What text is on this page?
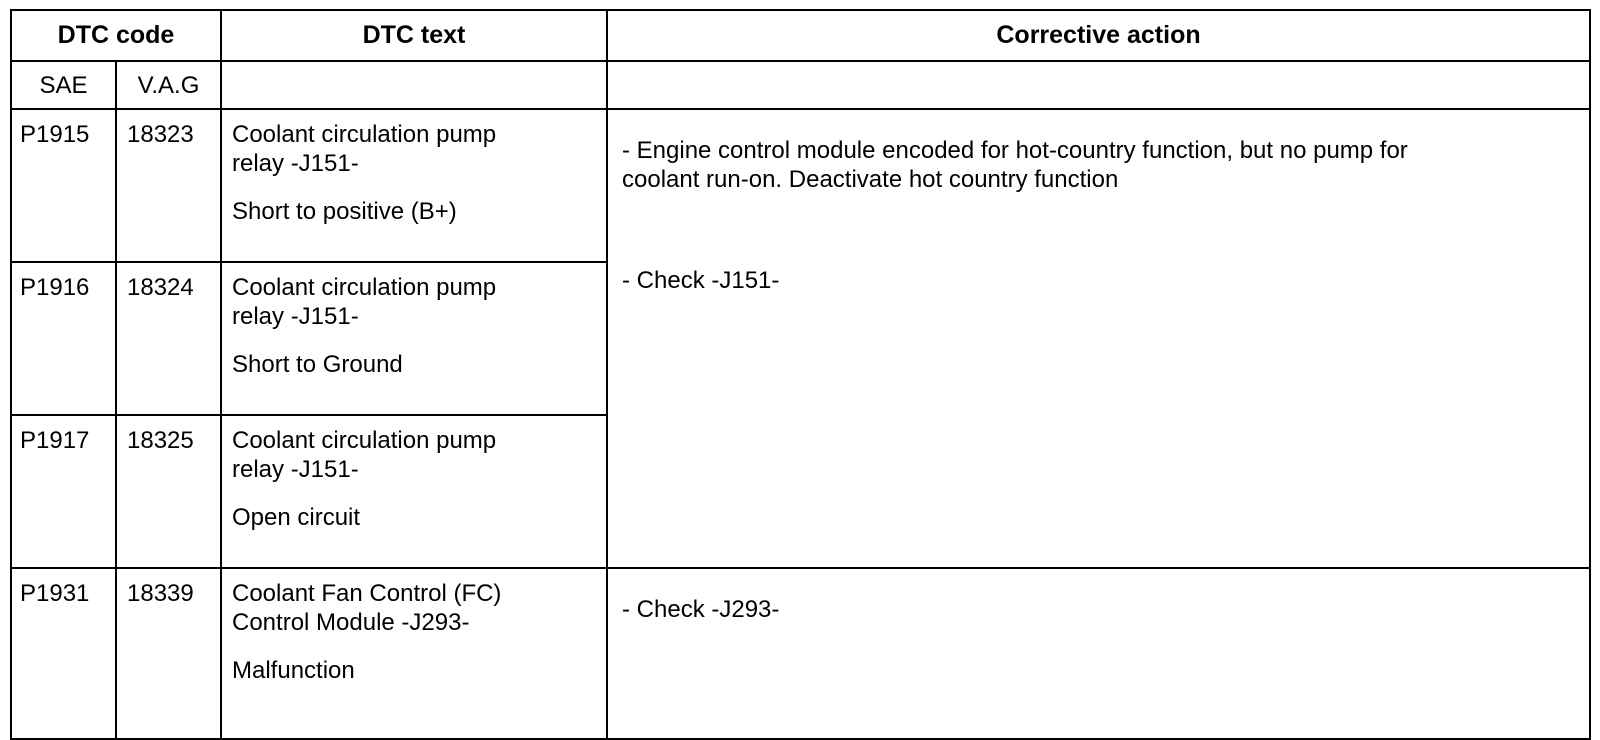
DTC code		DTC text	Corrective action
SAE	V.A.G		
P1915	18323	Coolant circulation pump
relay -J151-
Short to positive (B+)	- Engine control module encoded for hot-country function, but no pump for
coolant run-on. Deactivate hot country function
- Check -J151-

P1916	18324	Coolant circulation pump
relay -J151-
Short to Ground	

P1917	18325	Coolant circulation pump
relay -J151-
Open circuit	

P1931	18339	Coolant Fan Control (FC)
Control Module -J293-
Malfunction	- Check -J293-
